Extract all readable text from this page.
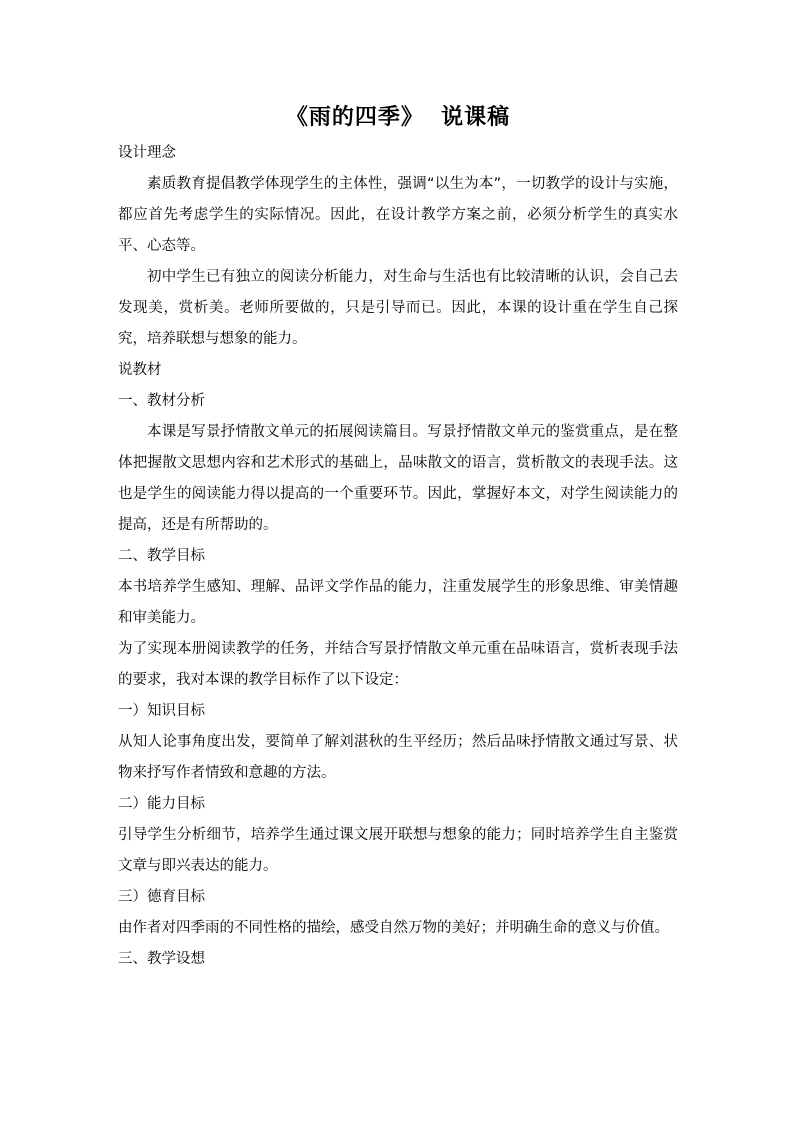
《雨的四季》  说课稿

设计理念

素质教育提倡教学体现学生的主体性，强调“以生为本”，一切教学的设计与实施，都应首先考虑学生的实际情况。因此，在设计教学方案之前，必须分析学生的真实水平、心态等。

初中学生已有独立的阅读分析能力，对生命与生活也有比较清晰的认识，会自己去发现美，赏析美。老师所要做的，只是引导而已。因此，本课的设计重在学生自己探究，培养联想与想象的能力。

说教材

一、教材分析

本课是写景抒情散文单元的拓展阅读篇目。写景抒情散文单元的鉴赏重点，是在整体把握散文思想内容和艺术形式的基础上，品味散文的语言，赏析散文的表现手法。这也是学生的阅读能力得以提高的一个重要环节。因此，掌握好本文，对学生阅读能力的提高，还是有所帮助的。

二、教学目标

本书培养学生感知、理解、品评文学作品的能力，注重发展学生的形象思维、审美情趣和审美能力。

为了实现本册阅读教学的任务，并结合写景抒情散文单元重在品味语言，赏析表现手法的要求，我对本课的教学目标作了以下设定：

一）知识目标

从知人论事角度出发，要简单了解刘湛秋的生平经历；然后品味抒情散文通过写景、状物来抒写作者情致和意趣的方法。

二）能力目标

引导学生分析细节，培养学生通过课文展开联想与想象的能力；同时培养学生自主鉴赏文章与即兴表达的能力。

三）德育目标

由作者对四季雨的不同性格的描绘，感受自然万物的美好；并明确生命的意义与价值。

三、教学设想
